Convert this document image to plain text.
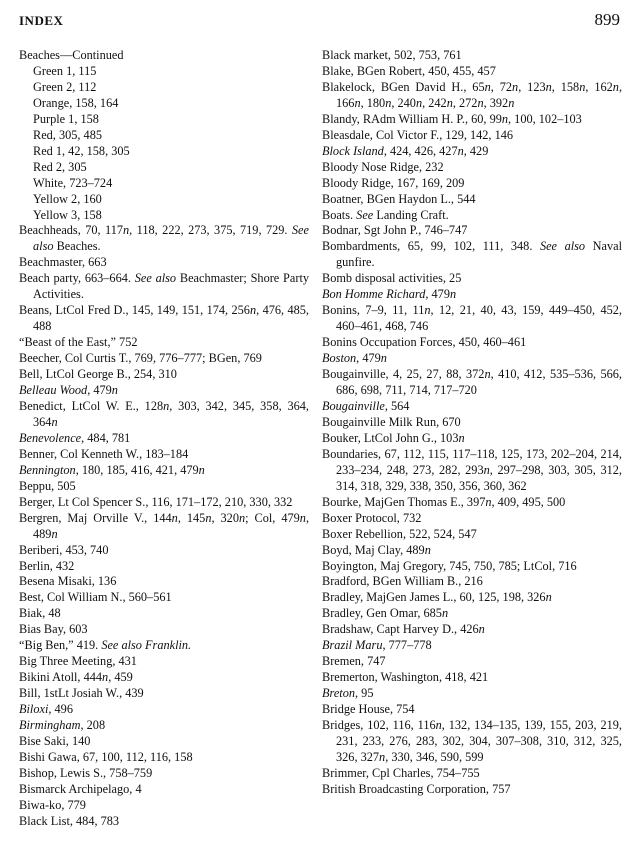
INDEX	899
Beaches—Continued
Green 1, 115
Green 2, 112
Orange, 158, 164
Purple 1, 158
Red, 305, 485
Red 1, 42, 158, 305
Red 2, 305
White, 723–724
Yellow 2, 160
Yellow 3, 158
Beachheads, 70, 117n, 118, 222, 273, 375, 719, 729. See also Beaches.
Beachmaster, 663
Beach party, 663–664. See also Beachmaster; Shore Party Activities.
Beans, LtCol Fred D., 145, 149, 151, 174, 256n, 476, 485, 488
“Beast of the East,” 752
Beecher, Col Curtis T., 769, 776–777; BGen, 769
Bell, LtCol George B., 254, 310
Belleau Wood, 479n
Benedict, LtCol W. E., 128n, 303, 342, 345, 358, 364, 364n
Benevolence, 484, 781
Benner, Col Kenneth W., 183–184
Bennington, 180, 185, 416, 421, 479n
Beppu, 505
Berger, Lt Col Spencer S., 116, 171–172, 210, 330, 332
Bergren, Maj Orville V., 144n, 145n, 320n; Col, 479n, 489n
Beriberi, 453, 740
Berlin, 432
Besena Misaki, 136
Best, Col William N., 560–561
Biak, 48
Bias Bay, 603
“Big Ben,” 419. See also Franklin.
Big Three Meeting, 431
Bikini Atoll, 444n, 459
Bill, 1stLt Josiah W., 439
Biloxi, 496
Birmingham, 208
Bise Saki, 140
Bishi Gawa, 67, 100, 112, 116, 158
Bishop, Lewis S., 758–759
Bismarck Archipelago, 4
Biwa-ko, 779
Black List, 484, 783
Black market, 502, 753, 761
Blake, BGen Robert, 450, 455, 457
Blakelock, BGen David H., 65n, 72n, 123n, 158n, 162n, 166n, 180n, 240n, 242n, 272n, 392n
Blandy, RAdm William H. P., 60, 99n, 100, 102–103
Bleasdale, Col Victor F., 129, 142, 146
Block Island, 424, 426, 427n, 429
Bloody Nose Ridge, 232
Bloody Ridge, 167, 169, 209
Boatner, BGen Haydon L., 544
Boats. See Landing Craft.
Bodnar, Sgt John P., 746–747
Bombardments, 65, 99, 102, 111, 348. See also Naval gunfire.
Bomb disposal activities, 25
Bon Homme Richard, 479n
Bonins, 7–9, 11, 11n, 12, 21, 40, 43, 159, 449–450, 452, 460–461, 468, 746
Bonins Occupation Forces, 450, 460–461
Boston, 479n
Bougainville, 4, 25, 27, 88, 372n, 410, 412, 535–536, 566, 686, 698, 711, 714, 717–720
Bougainville, 564
Bougainville Milk Run, 670
Bouker, LtCol John G., 103n
Boundaries, 67, 112, 115, 117–118, 125, 173, 202–204, 214, 233–234, 248, 273, 282, 293n, 297–298, 303, 305, 312, 314, 318, 329, 338, 350, 356, 360, 362
Bourke, MajGen Thomas E., 397n, 409, 495, 500
Boxer Protocol, 732
Boxer Rebellion, 522, 524, 547
Boyd, Maj Clay, 489n
Boyington, Maj Gregory, 745, 750, 785; LtCol, 716
Bradford, BGen William B., 216
Bradley, MajGen James L., 60, 125, 198, 326n
Bradley, Gen Omar, 685n
Bradshaw, Capt Harvey D., 426n
Brazil Maru, 777–778
Bremen, 747
Bremerton, Washington, 418, 421
Breton, 95
Bridge House, 754
Bridges, 102, 116, 116n, 132, 134–135, 139, 155, 203, 219, 231, 233, 276, 283, 302, 304, 307–308, 310, 312, 325, 326, 327n, 330, 346, 590, 599
Brimmer, Cpl Charles, 754–755
British Broadcasting Corporation, 757
